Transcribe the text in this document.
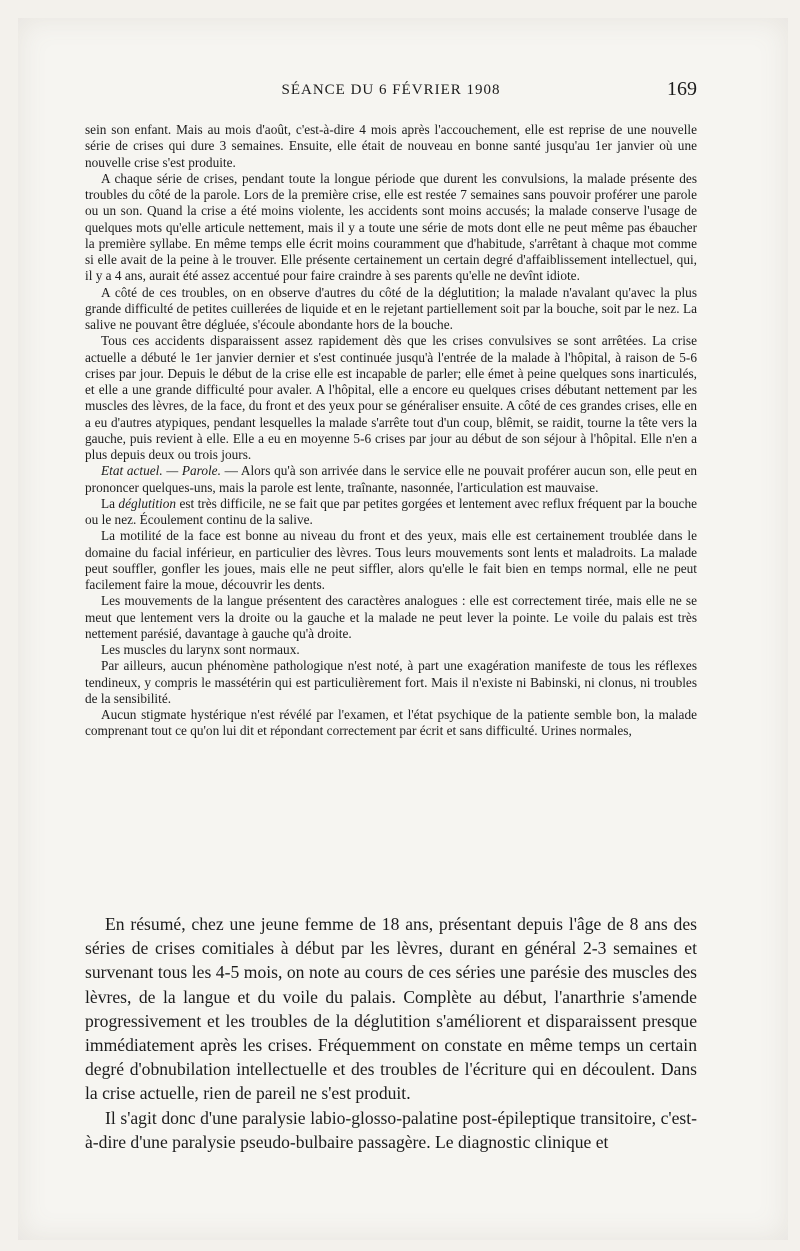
SÉANCE DU 6 FÉVRIER 1908	169

sein son enfant. Mais au mois d'août, c'est-à-dire 4 mois après l'accouchement, elle est reprise de une nouvelle série de crises qui dure 3 semaines. Ensuite, elle était de nouveau en bonne santé jusqu'au 1er janvier où une nouvelle crise s'est produite.

A chaque série de crises, pendant toute la longue période que durent les convulsions, la malade présente des troubles du côté de la parole. Lors de la première crise, elle est restée 7 semaines sans pouvoir proférer une parole ou un son. Quand la crise a été moins violente, les accidents sont moins accusés; la malade conserve l'usage de quelques mots qu'elle articule nettement, mais il y a toute une série de mots dont elle ne peut même pas ébaucher la première syllabe. En même temps elle écrit moins couramment que d'habitude, s'arrêtant à chaque mot comme si elle avait de la peine à le trouver. Elle présente certainement un certain degré d'affaiblissement intellectuel, qui, il y a 4 ans, aurait été assez accentué pour faire craindre à ses parents qu'elle ne devînt idiote.

A côté de ces troubles, on en observe d'autres du côté de la déglutition; la malade n'avalant qu'avec la plus grande difficulté de petites cuillerées de liquide et en le rejetant partiellement soit par la bouche, soit par le nez. La salive ne pouvant être dégluée, s'écoule abondante hors de la bouche.

Tous ces accidents disparaissent assez rapidement dès que les crises convulsives se sont arrêtées. La crise actuelle a débuté le 1er janvier dernier et s'est continuée jusqu'à l'entrée de la malade à l'hôpital, à raison de 5-6 crises par jour. Depuis le début de la crise elle est incapable de parler; elle émet à peine quelques sons inarticulés, et elle a une grande difficulté pour avaler. A l'hôpital, elle a encore eu quelques crises débutant nettement par les muscles des lèvres, de la face, du front et des yeux pour se généraliser ensuite. A côté de ces grandes crises, elle en a eu d'autres atypiques, pendant lesquelles la malade s'arrête tout d'un coup, blêmit, se raidit, tourne la tête vers la gauche, puis revient à elle. Elle a eu en moyenne 5-6 crises par jour au début de son séjour à l'hôpital. Elle n'en a plus depuis deux ou trois jours.

Etat actuel. — Parole. — Alors qu'à son arrivée dans le service elle ne pouvait proférer aucun son, elle peut en prononcer quelques-uns, mais la parole est lente, traînante, nasonnée, l'articulation est mauvaise.

La déglutition est très difficile, ne se fait que par petites gorgées et lentement avec reflux fréquent par la bouche ou le nez. Écoulement continu de la salive.

La motilité de la face est bonne au niveau du front et des yeux, mais elle est certainement troublée dans le domaine du facial inférieur, en particulier des lèvres. Tous leurs mouvements sont lents et maladroits. La malade peut souffler, gonfler les joues, mais elle ne peut siffler, alors qu'elle le fait bien en temps normal, elle ne peut facilement faire la moue, découvrir les dents.

Les mouvements de la langue présentent des caractères analogues : elle est correctement tirée, mais elle ne se meut que lentement vers la droite ou la gauche et la malade ne peut lever la pointe. Le voile du palais est très nettement parésié, davantage à gauche qu'à droite.

Les muscles du larynx sont normaux.

Par ailleurs, aucun phénomène pathologique n'est noté, à part une exagération manifeste de tous les réflexes tendineux, y compris le massétérin qui est particulièrement fort. Mais il n'existe ni Babinski, ni clonus, ni troubles de la sensibilité.

Aucun stigmate hystérique n'est révélé par l'examen, et l'état psychique de la patiente semble bon, la malade comprenant tout ce qu'on lui dit et répondant correctement par écrit et sans difficulté. Urines normales,

En résumé, chez une jeune femme de 18 ans, présentant depuis l'âge de 8 ans des séries de crises comitiales à début par les lèvres, durant en général 2-3 semaines et survenant tous les 4-5 mois, on note au cours de ces séries une parésie des muscles des lèvres, de la langue et du voile du palais. Complète au début, l'anarthrie s'amende progressivement et les troubles de la déglutition s'améliorent et disparaissent presque immédiatement après les crises. Fréquemment on constate en même temps un certain degré d'obnubilation intellectuelle et des troubles de l'écriture qui en découlent. Dans la crise actuelle, rien de pareil ne s'est produit.

Il s'agit donc d'une paralysie labio-glosso-palatine post-épileptique transitoire, c'est-à-dire d'une paralysie pseudo-bulbaire passagère. Le diagnostic clinique et
